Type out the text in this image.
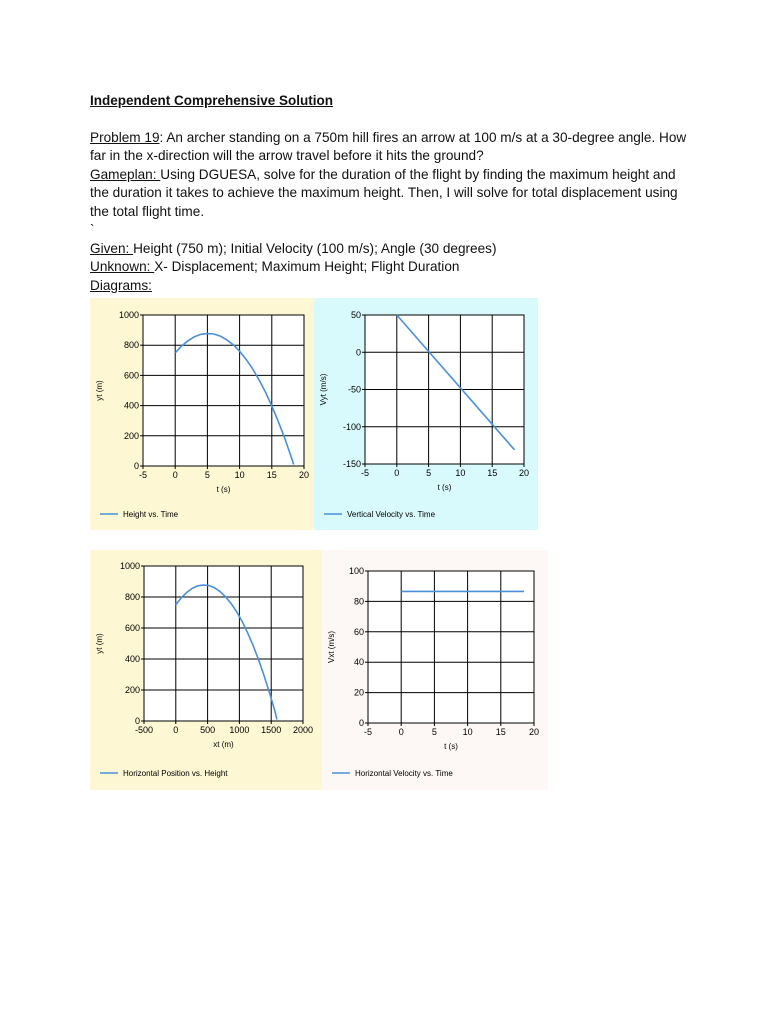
Independent Comprehensive Solution

Problem 19: An archer standing on a 750m hill fires an arrow at 100 m/s at a 30-degree angle. How far in the x-direction will the arrow travel before it hits the ground?

Gameplan: Using DGUESA, solve for the duration of the flight by finding the maximum height and the duration it takes to achieve the maximum height. Then, I will solve for total displacement using the total flight time.

`

Given: Height (750 m); Initial Velocity (100 m/s); Angle (30 degrees)

Unknown: X- Displacement; Maximum Height; Flight Duration

Diagrams:

-5	0	5	10 15 20
0
200
400
600
800
1000
t (s)
yt (m)
Height vs. Time
-5	0	5	10 15 20
-150
-100
-50
0
50
t (s)
Vyt (m/s)
Vertical Velocity vs. Time
-500 0 500 1000 1500 2000
0
200
400
600
800
1000
xt (m)
yt (m)
Horizontal Position vs. Height
-5	0	5	10	15	20
0
20
40
60
80
100
t (s)
Vxt (m/s)
Horizontal Velocity vs. Time
